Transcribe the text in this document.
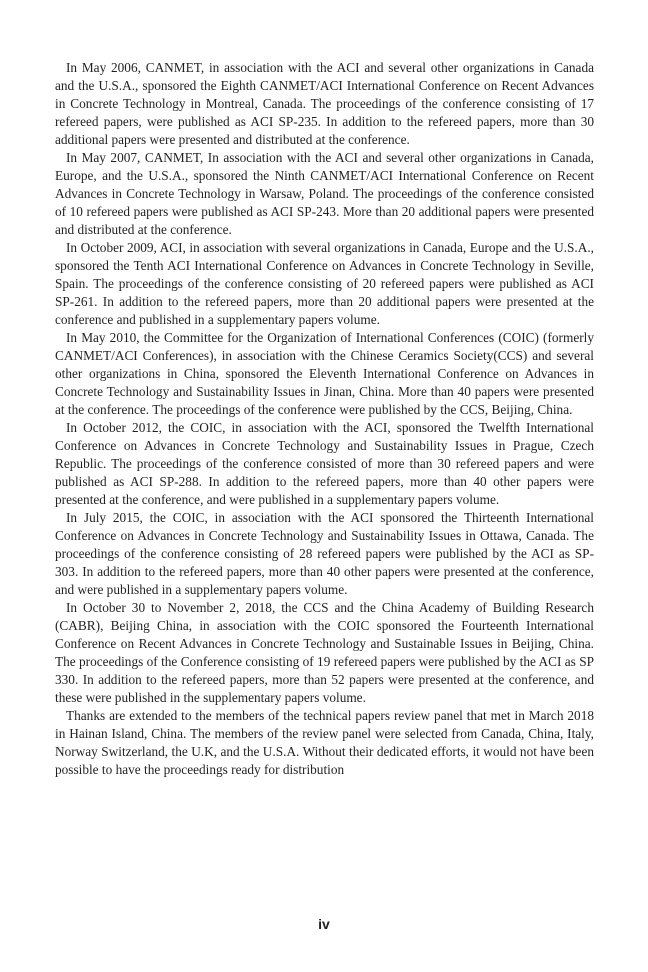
In May 2006, CANMET, in association with the ACI and several other organizations in Canada and the U.S.A., sponsored the Eighth CANMET/ACI International Conference on Recent Advances in Concrete Technology in Montreal, Canada. The proceedings of the conference consisting of 17 refereed papers, were published as ACI SP-235. In addition to the refereed papers, more than 30 additional papers were presented and distributed at the conference.

In May 2007, CANMET, In association with the ACI and several other organizations in Canada, Europe, and the U.S.A., sponsored the Ninth CANMET/ACI International Conference on Recent Advances in Concrete Technology in Warsaw, Poland. The proceedings of the conference consisted of 10 refereed papers were published as ACI SP-243. More than 20 additional papers were presented and distributed at the conference.

In October 2009, ACI, in association with several organizations in Canada, Europe and the U.S.A., sponsored the Tenth ACI International Conference on Advances in Concrete Technology in Seville, Spain. The proceedings of the conference consisting of 20 refereed papers were published as ACI SP-261. In addition to the refereed papers, more than 20 additional papers were presented at the conference and published in a supplementary papers volume.

In May 2010, the Committee for the Organization of International Conferences (COIC) (formerly CANMET/ACI Conferences), in association with the Chinese Ceramics Society(CCS) and several other organizations in China, sponsored the Eleventh International Conference on Advances in Concrete Technology and Sustainability Issues in Jinan, China. More than 40 papers were presented at the conference. The proceedings of the conference were published by the CCS, Beijing, China.

In October 2012, the COIC, in association with the ACI, sponsored the Twelfth International Conference on Advances in Concrete Technology and Sustainability Issues in Prague, Czech Republic. The proceedings of the conference consisted of more than 30 refereed papers and were published as ACI SP-288. In addition to the refereed papers, more than 40 other papers were presented at the conference, and were published in a supplementary papers volume.

In July 2015, the COIC, in association with the ACI sponsored the Thirteenth International Conference on Advances in Concrete Technology and Sustainability Issues in Ottawa, Canada. The proceedings of the conference consisting of 28 refereed papers were published by the ACI as SP-303. In addition to the refereed papers, more than 40 other papers were presented at the conference, and were published in a supplementary papers volume.

In October 30 to November 2, 2018, the CCS and the China Academy of Building Research (CABR), Beijing China, in association with the COIC sponsored the Fourteenth International Conference on Recent Advances in Concrete Technology and Sustainable Issues in Beijing, China. The proceedings of the Conference consisting of 19 refereed papers were published by the ACI as SP 330. In addition to the refereed papers, more than 52 papers were presented at the conference, and these were published in the supplementary papers volume.

Thanks are extended to the members of the technical papers review panel that met in March 2018 in Hainan Island, China. The members of the review panel were selected from Canada, China, Italy, Norway Switzerland, the U.K, and the U.S.A. Without their dedicated efforts, it would not have been possible to have the proceedings ready for distribution

iv
